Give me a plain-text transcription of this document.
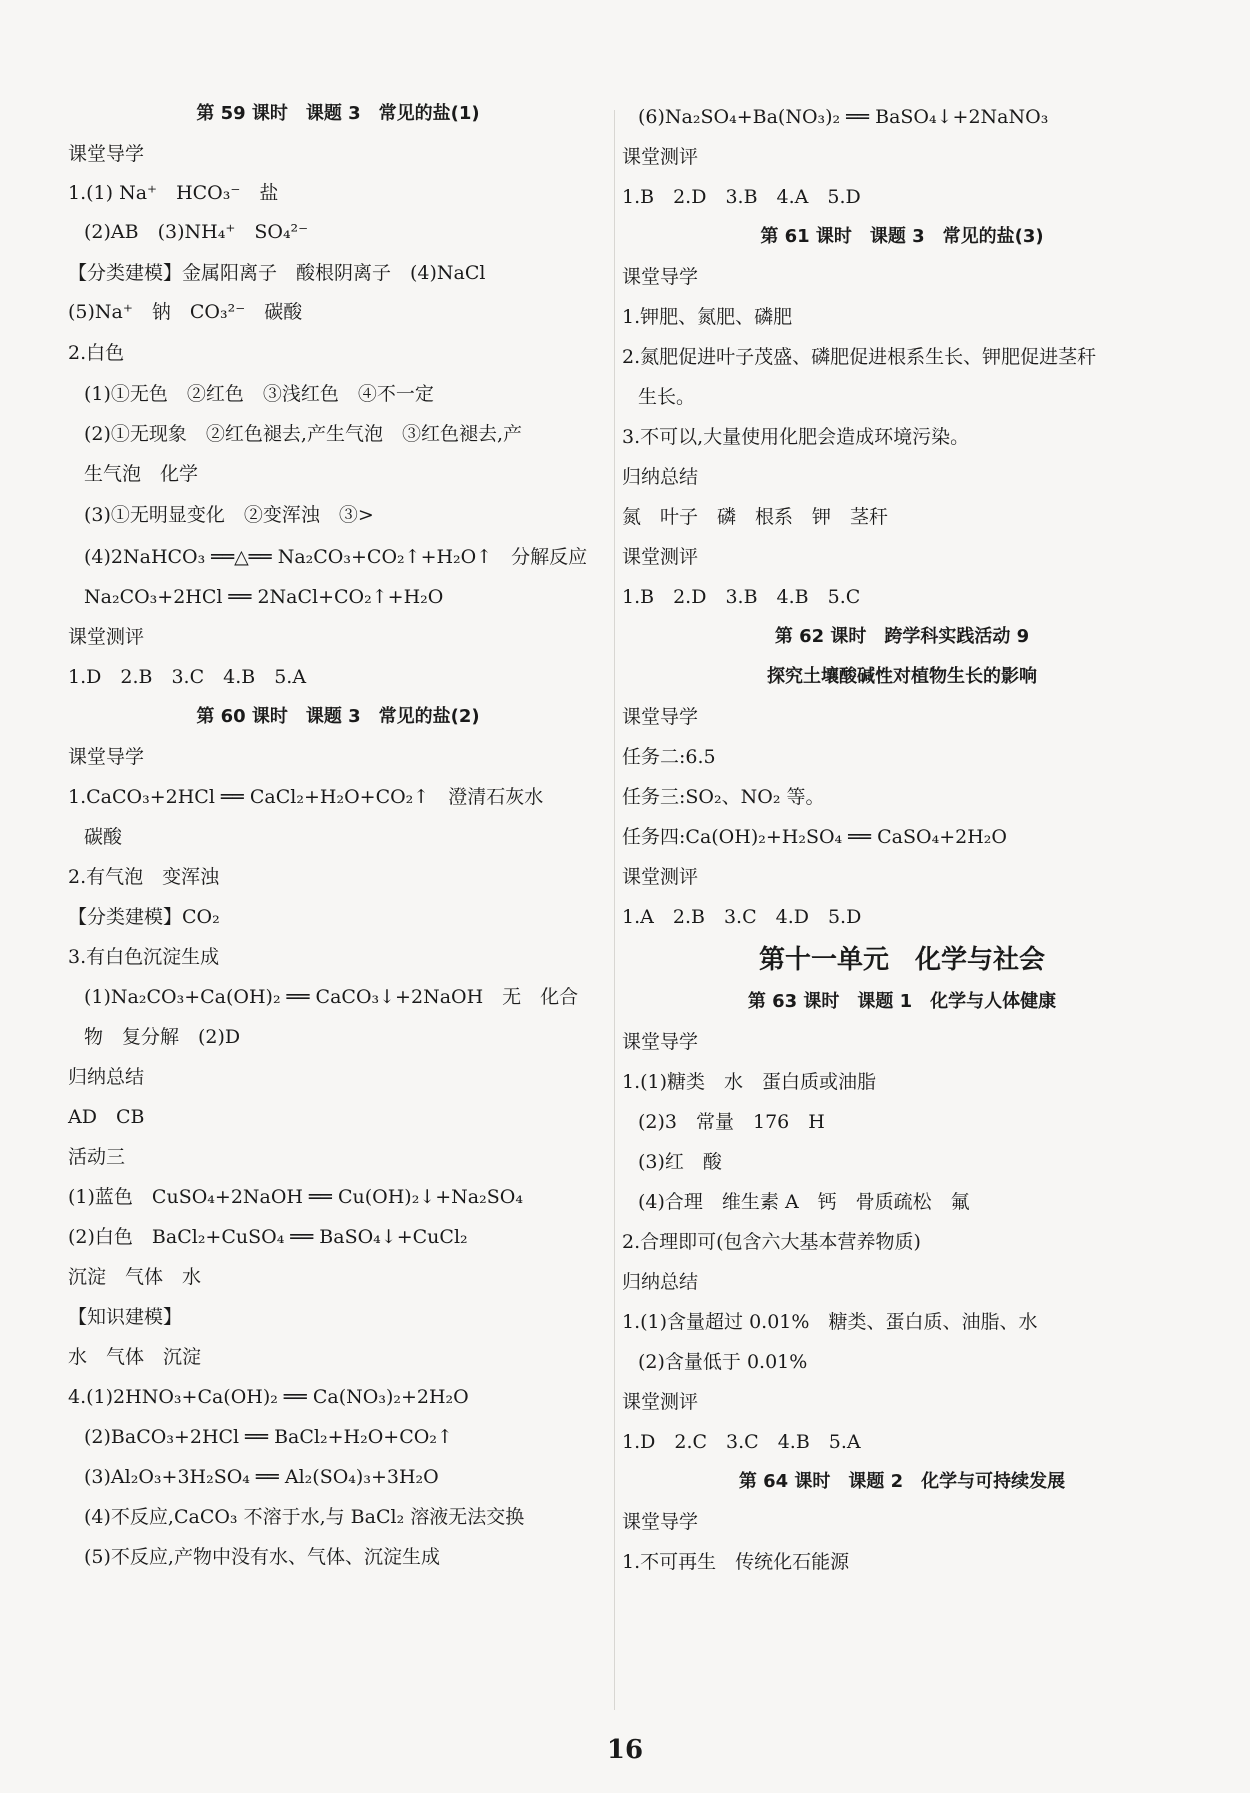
第 59 课时　课题 3　常见的盐(1)
课堂导学
1.(1) Na⁺　HCO₃⁻　盐
(2)AB　(3)NH₄⁺　SO₄²⁻
【分类建模】金属阳离子　酸根阴离子　(4)NaCl
(5)Na⁺　钠　CO₃²⁻　碳酸
2.白色
(1)①无色　②红色　③浅红色　④不一定
(2)①无现象　②红色褪去,产生气泡　③红色褪去,产
生气泡　化学
(3)①无明显变化　②变浑浊　③>
(4)2NaHCO₃ ══△══ Na₂CO₃+CO₂↑+H₂O↑　分解反应
Na₂CO₃+2HCl ══ 2NaCl+CO₂↑+H₂O
课堂测评
1.D　2.B　3.C　4.B　5.A
第 60 课时　课题 3　常见的盐(2)
课堂导学
1.CaCO₃+2HCl ══ CaCl₂+H₂O+CO₂↑　澄清石灰水
碳酸
2.有气泡　变浑浊
【分类建模】CO₂
3.有白色沉淀生成
(1)Na₂CO₃+Ca(OH)₂ ══ CaCO₃↓+2NaOH　无　化合
物　复分解　(2)D
归纳总结
AD　CB
活动三
(1)蓝色　CuSO₄+2NaOH ══ Cu(OH)₂↓+Na₂SO₄
(2)白色　BaCl₂+CuSO₄ ══ BaSO₄↓+CuCl₂
沉淀　气体　水
【知识建模】
水　气体　沉淀
4.(1)2HNO₃+Ca(OH)₂ ══ Ca(NO₃)₂+2H₂O
(2)BaCO₃+2HCl ══ BaCl₂+H₂O+CO₂↑
(3)Al₂O₃+3H₂SO₄ ══ Al₂(SO₄)₃+3H₂O
(4)不反应,CaCO₃ 不溶于水,与 BaCl₂ 溶液无法交换
(5)不反应,产物中没有水、气体、沉淀生成
(6)Na₂SO₄+Ba(NO₃)₂ ══ BaSO₄↓+2NaNO₃
课堂测评
1.B　2.D　3.B　4.A　5.D
第 61 课时　课题 3　常见的盐(3)
课堂导学
1.钾肥、氮肥、磷肥
2.氮肥促进叶子茂盛、磷肥促进根系生长、钾肥促进茎秆
生长。
3.不可以,大量使用化肥会造成环境污染。
归纳总结
氮　叶子　磷　根系　钾　茎秆
课堂测评
1.B　2.D　3.B　4.B　5.C
第 62 课时　跨学科实践活动 9
探究土壤酸碱性对植物生长的影响
课堂导学
任务二:6.5
任务三:SO₂、NO₂ 等。
任务四:Ca(OH)₂+H₂SO₄ ══ CaSO₄+2H₂O
课堂测评
1.A　2.B　3.C　4.D　5.D
第十一单元　化学与社会
第 63 课时　课题 1　化学与人体健康
课堂导学
1.(1)糖类　水　蛋白质或油脂
(2)3　常量　176　H
(3)红　酸
(4)合理　维生素 A　钙　骨质疏松　氟
2.合理即可(包含六大基本营养物质)
归纳总结
1.(1)含量超过 0.01%　糖类、蛋白质、油脂、水
(2)含量低于 0.01%
课堂测评
1.D　2.C　3.C　4.B　5.A
第 64 课时　课题 2　化学与可持续发展
课堂导学
1.不可再生　传统化石能源
16
